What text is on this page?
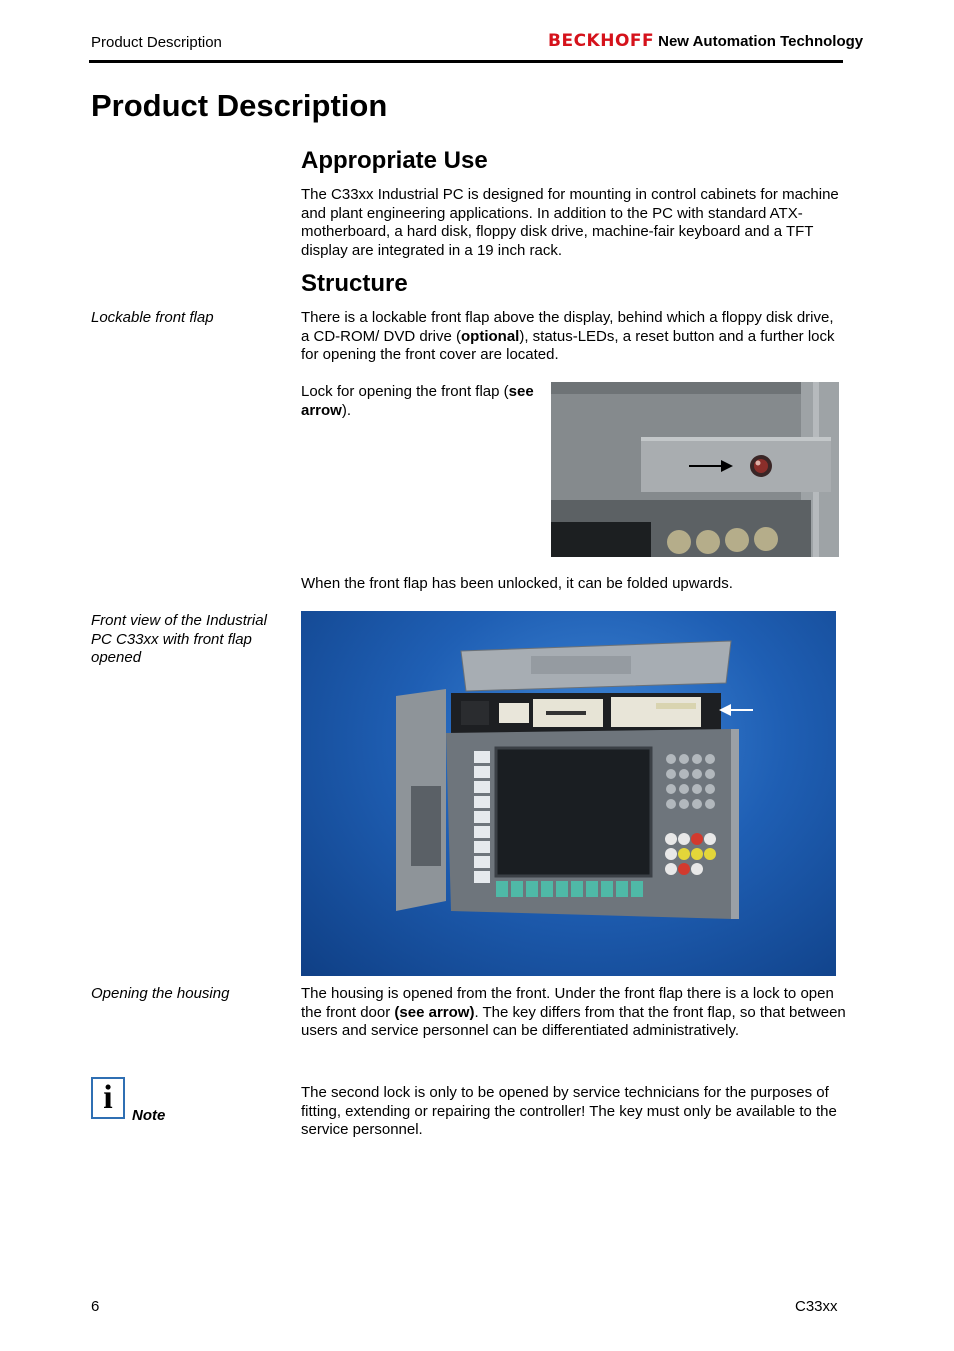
Product Description	BECKHOFF New Automation Technology
Product Description
Appropriate Use
The C33xx Industrial PC is designed for mounting in control cabinets for machine and plant engineering applications. In addition to the PC with standard ATX-motherboard, a hard disk, floppy disk drive, machine-fair keyboard and a TFT display are integrated in a 19 inch rack.
Structure
Lockable front flap	There is a lockable front flap above the display, behind which a floppy disk drive, a CD-ROM/ DVD drive (optional), status-LEDs, a reset button and a further lock for opening the front cover are located.
Lock for opening the front flap (see arrow).
When the front flap has been unlocked, it can be folded upwards.
Front view of the Industrial PC C33xx with front flap opened
Opening the housing	The housing is opened from the front. Under the front flap there is a lock to open the front door (see arrow). The key differs from that the front flap, so that between users and service personnel can be differentiated administratively.
i Note
The second lock is only to be opened by service technicians for the purposes of fitting, extending or repairing the controller! The key must only be available to the service personnel.
6	C33xx
